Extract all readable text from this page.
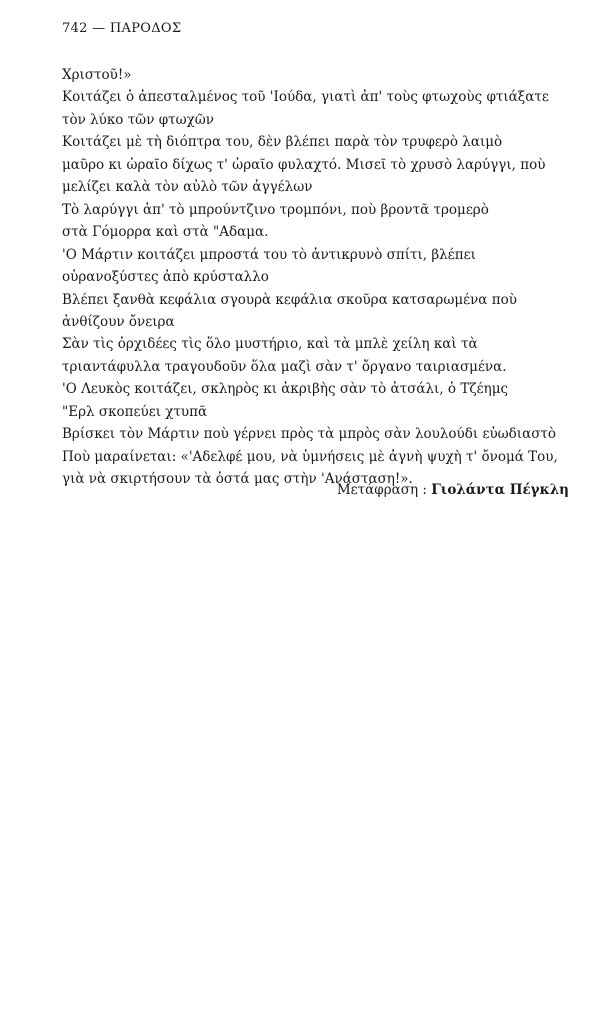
742 — ΠΑΡΟΔΟΣ
Χριστοῦ!»
Κοιτάζει ὁ ἀπεσταλμένος τοῦ 'Ιούδα, γιατὶ ἀπ' τοὺς φτωχοὺς φτιάξατε
τὸν λύκο τῶν φτωχῶν
Κοιτάζει μὲ τὴ διόπτρα του, δὲν βλέπει παρὰ τὸν τρυφερὸ λαιμὸ
μαῦρο κι ὡραῖο δίχως τ' ὡραῖο φυλαχτό. Μισεῖ τὸ χρυσὸ λαρύγγι, ποὺ
μελίζει καλὰ τὸν αὐλὸ τῶν ἀγγέλων
Τὸ λαρύγγι ἀπ' τὸ μπρούντζινο τρομπόνι, ποὺ βροντᾶ τρομερὸ
στὰ Γόμορρα καὶ στὰ "Αδαμα.
'Ο Μάρτιν κοιτάζει μπροστά του τὸ ἀντικρυνὸ σπίτι, βλέπει
οὐρανοξύστες ἀπὸ κρύσταλλο
Βλέπει ξανθὰ κεφάλια σγουρὰ κεφάλια σκοῦρα κατσαρωμένα ποὺ
ἀνθίζουν ὄνειρα
Σὰν τὶς ὀρχιδέες τὶς ὅλο μυστήριο, καὶ τὰ μπλὲ χείλη καὶ τὰ
τριαντάφυλλα τραγουδοῦν ὅλα μαζὶ σὰν τ' ὄργανο ταιριασμένα.
'Ο Λευκὸς κοιτάζει, σκληρὸς κι ἀκριβὴς σὰν τὸ ἀτσάλι, ὁ Τζέημς
"Ερλ σκοπεύει χτυπᾶ
Βρίσκει τὸν Μάρτιν ποὺ γέρνει πρὸς τὰ μπρὸς σὰν λουλούδι εὐωδιαστὸ
Ποὺ μαραίνεται: «'Αδελφέ μου, νὰ ὑμνήσεις μὲ ἁγνὴ ψυχὴ τ' ὄνομά Του,
γιὰ νὰ σκιρτήσουν τὰ ὀστά μας στὴν 'Ανάσταση!».
Μετάφραση : Γιολάντα Πέγκλη
